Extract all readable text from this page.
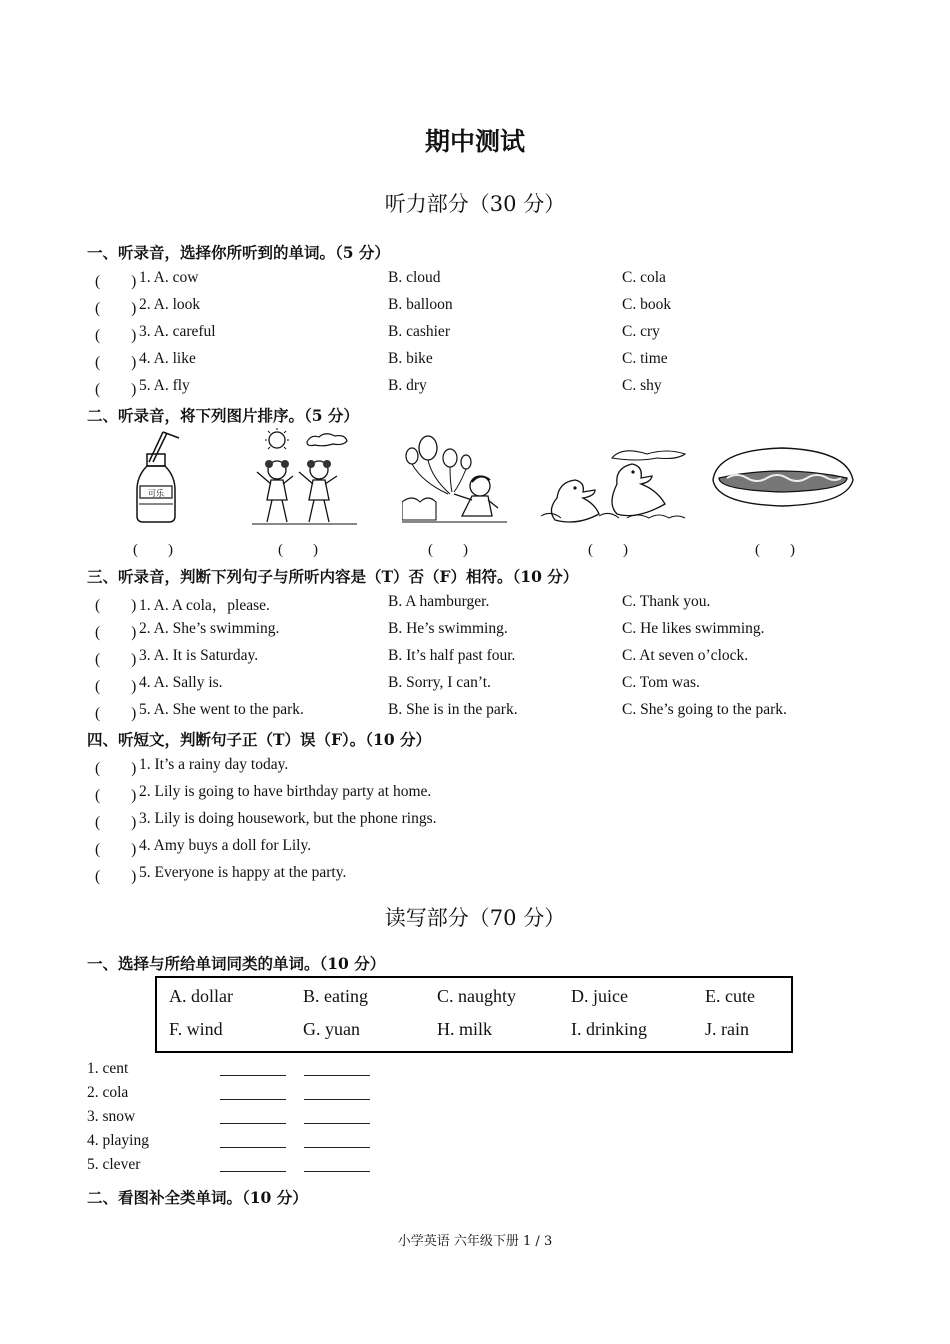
期中测试
听力部分（30 分）
一、听录音，选择你所听到的单词。（5 分）
(　　) 1. A. cow	B. cloud	C. cola
(　　) 2. A. look	B. balloon	C. book
(　　) 3. A. careful	B. cashier	C. cry
(　　) 4. A. like	B. bike	C. time
(　　) 5. A. fly	B. dry	C. shy
二、听录音，将下列图片排序。（5 分）
可乐
(　　)	(　　)	(　　)	(　　)	(　　)
三、听录音，判断下列句子与所听内容是（T）否（F）相符。（10 分）
(　　) 1. A. A cola，please.	B. A hamburger.	C. Thank you.
(　　) 2. A. She’s swimming.	B. He’s swimming.	C. He likes swimming.
(　　) 3. A. It is Saturday.	B. It’s half past four.	C. At seven o’clock.
(　　) 4. A. Sally is.	B. Sorry, I can’t.	C. Tom was.
(　　) 5. A. She went to the park.	B. She is in the park.	C. She’s going to the park.
四、听短文，判断句子正（T）误（F）。（10 分）
(　　) 1. It’s a rainy day today.
(　　) 2. Lily is going to have birthday party at home.
(　　) 3. Lily is doing housework, but the phone rings.
(　　) 4. Amy buys a doll for Lily.
(　　) 5. Everyone is happy at the party.
读写部分（70 分）
一、选择与所给单词同类的单词。（10 分）
A. dollar	B. eating	C. naughty	D. juice	E. cute
F. wind	G. yuan	H. milk	I. drinking	J. rain
1. cent
2. cola
3. snow
4. playing
5. clever
二、看图补全类单词。（10 分）
小学英语 六年级下册 1 / 3
